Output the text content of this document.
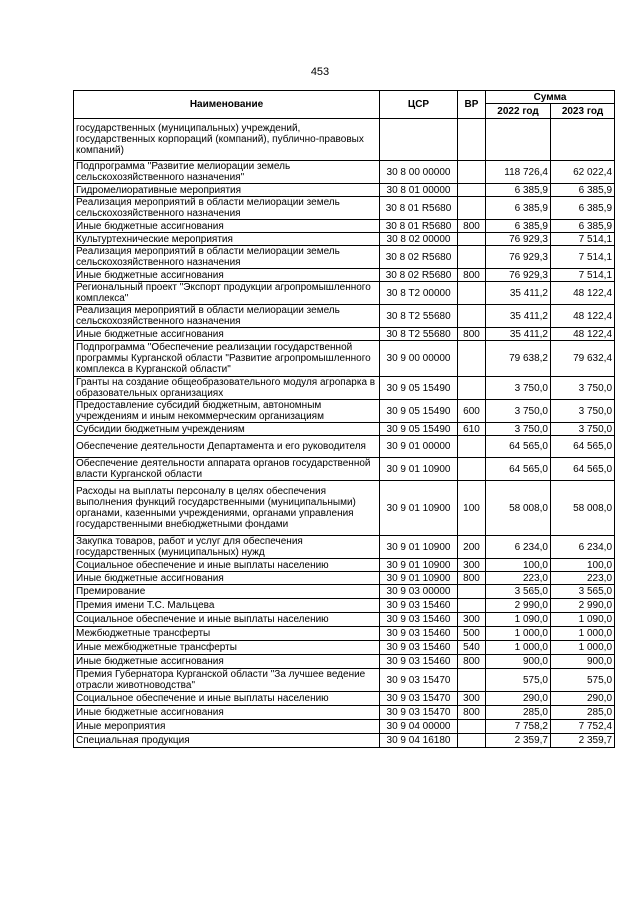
453
Наименование	ЦСР	ВР	Сумма	
			2022 год	2023 год
государственных (муниципальных) учреждений, государственных корпораций (компаний), публично-правовых компаний)				
Подпрограмма "Развитие мелиорации земель сельскохозяйственного назначения"	30 8 00 00000		118 726,4	62 022,4
Гидромелиоративные мероприятия	30 8 01 00000		6 385,9	6 385,9
Реализация мероприятий в области мелиорации земель сельскохозяйственного назначения	30 8 01 R5680		6 385,9	6 385,9
Иные бюджетные ассигнования	30 8 01 R5680	800	6 385,9	6 385,9
Культуртехнические мероприятия	30 8 02 00000		76 929,3	7 514,1
Реализация мероприятий в области мелиорации земель сельскохозяйственного назначения	30 8 02 R5680		76 929,3	7 514,1
Иные бюджетные ассигнования	30 8 02 R5680	800	76 929,3	7 514,1
Региональный проект "Экспорт продукции агропромышленного комплекса"	30 8 T2 00000		35 411,2	48 122,4
Реализация мероприятий в области мелиорации земель сельскохозяйственного назначения	30 8 T2 55680		35 411,2	48 122,4
Иные бюджетные ассигнования	30 8 T2 55680	800	35 411,2	48 122,4
Подпрограмма "Обеспечение реализации государственной программы Курганской области "Развитие агропромышленного комплекса в Курганской области"	30 9 00 00000		79 638,2	79 632,4
Гранты на создание общеобразовательного модуля агропарка в образовательных организациях	30 9 05 15490		3 750,0	3 750,0
Предоставление субсидий бюджетным, автономным учреждениям и иным некоммерческим организациям	30 9 05 15490	600	3 750,0	3 750,0
Субсидии бюджетным учреждениям	30 9 05 15490	610	3 750,0	3 750,0
Обеспечение деятельности Департамента и его руководителя	30 9 01 00000		64 565,0	64 565,0
Обеспечение деятельности аппарата органов государственной власти Курганской области	30 9 01 10900		64 565,0	64 565,0
Расходы на выплаты персоналу в целях обеспечения выполнения функций государственными (муниципальными) органами, казенными учреждениями, органами управления государственными внебюджетными фондами	30 9 01 10900	100	58 008,0	58 008,0
Закупка товаров, работ и услуг для обеспечения государственных (муниципальных) нужд	30 9 01 10900	200	6 234,0	6 234,0
Социальное обеспечение и иные выплаты населению	30 9 01 10900	300	100,0	100,0
Иные бюджетные ассигнования	30 9 01 10900	800	223,0	223,0
Премирование	30 9 03 00000		3 565,0	3 565,0
Премия имени Т.С. Мальцева	30 9 03 15460		2 990,0	2 990,0
Социальное обеспечение и иные выплаты населению	30 9 03 15460	300	1 090,0	1 090,0
Межбюджетные трансферты	30 9 03 15460	500	1 000,0	1 000,0
Иные межбюджетные трансферты	30 9 03 15460	540	1 000,0	1 000,0
Иные бюджетные ассигнования	30 9 03 15460	800	900,0	900,0
Премия Губернатора Курганской области "За лучшее ведение отрасли животноводства"	30 9 03 15470		575,0	575,0
Социальное обеспечение и иные выплаты населению	30 9 03 15470	300	290,0	290,0
Иные бюджетные ассигнования	30 9 03 15470	800	285,0	285,0
Иные мероприятия	30 9 04 00000		7 758,2	7 752,4
Специальная продукция	30 9 04 16180		2 359,7	2 359,7
